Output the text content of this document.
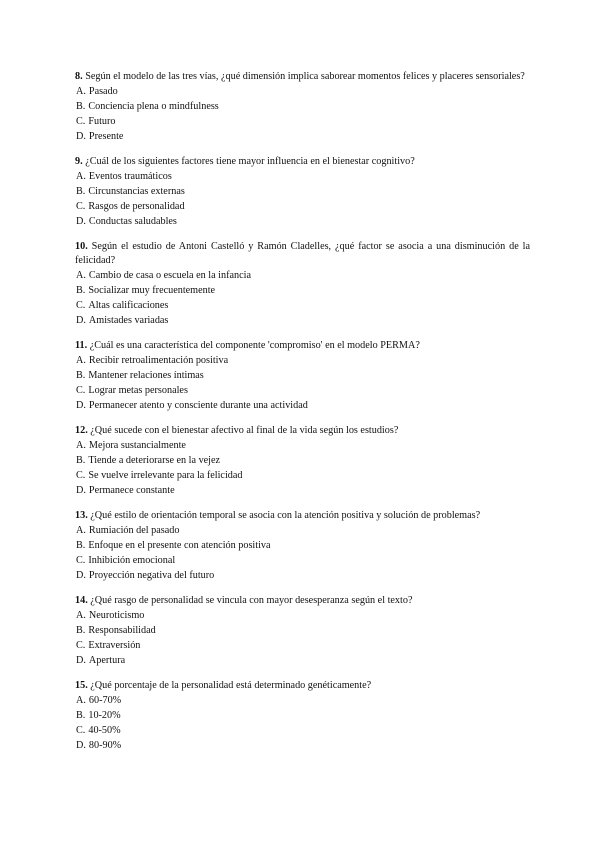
8. Según el modelo de las tres vías, ¿qué dimensión implica saborear momentos felices y placeres sensoriales?
A. Pasado
B. Conciencia plena o mindfulness
C. Futuro
D. Presente
9. ¿Cuál de los siguientes factores tiene mayor influencia en el bienestar cognitivo?
A. Eventos traumáticos
B. Circunstancias externas
C. Rasgos de personalidad
D. Conductas saludables
10. Según el estudio de Antoni Castelló y Ramón Cladelles, ¿qué factor se asocia a una disminución de la felicidad?
A. Cambio de casa o escuela en la infancia
B. Socializar muy frecuentemente
C. Altas calificaciones
D. Amistades variadas
11. ¿Cuál es una característica del componente 'compromiso' en el modelo PERMA?
A. Recibir retroalimentación positiva
B. Mantener relaciones íntimas
C. Lograr metas personales
D. Permanecer atento y consciente durante una actividad
12. ¿Qué sucede con el bienestar afectivo al final de la vida según los estudios?
A. Mejora sustancialmente
B. Tiende a deteriorarse en la vejez
C. Se vuelve irrelevante para la felicidad
D. Permanece constante
13. ¿Qué estilo de orientación temporal se asocia con la atención positiva y solución de problemas?
A. Rumiación del pasado
B. Enfoque en el presente con atención positiva
C. Inhibición emocional
D. Proyección negativa del futuro
14. ¿Qué rasgo de personalidad se vincula con mayor desesperanza según el texto?
A. Neuroticismo
B. Responsabilidad
C. Extraversión
D. Apertura
15. ¿Qué porcentaje de la personalidad está determinado genéticamente?
A. 60-70%
B. 10-20%
C. 40-50%
D. 80-90%
